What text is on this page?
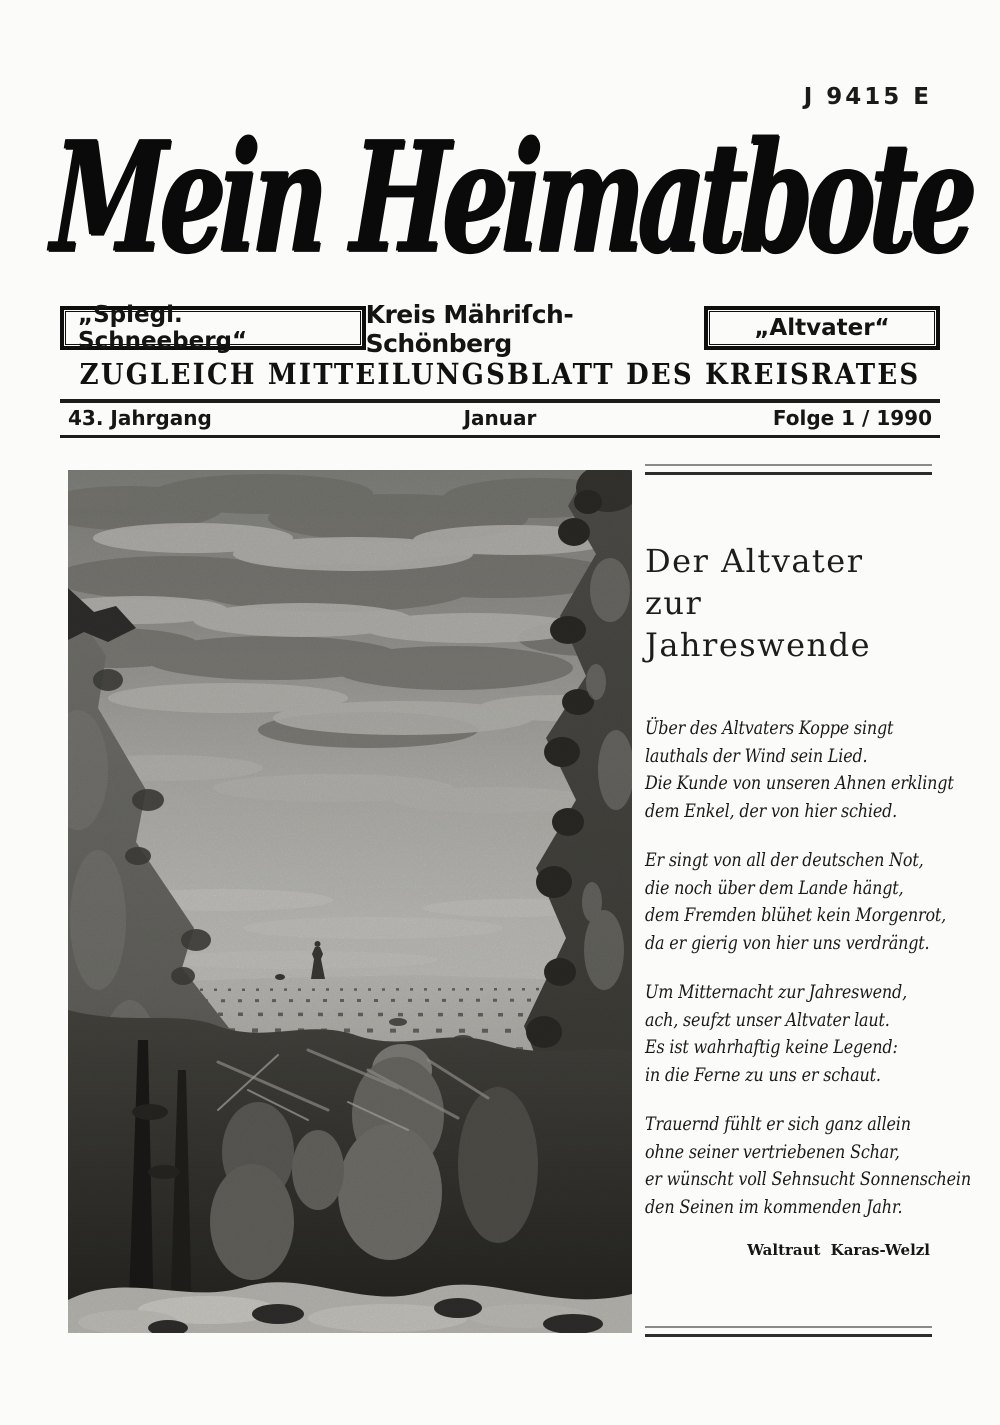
J 9415 E
Mein Heimatbote
„Spiegl. Schneeberg“
Kreis Mähriſch-Schönberg
„Altvater“
ZUGLEICH MITTEILUNGSBLATT DES KREISRATES
43. Jahrgang	Januar	Folge 1 / 1990
Der Altvater
zur
Jahreswende
Über des Altvaters Koppe singt
lauthals der Wind sein Lied.
Die Kunde von unseren Ahnen erklingt
dem Enkel, der von hier schied.
Er singt von all der deutschen Not,
die noch über dem Lande hängt,
dem Fremden blühet kein Morgenrot,
da er gierig von hier uns verdrängt.
Um Mitternacht zur Jahreswend,
ach, seufzt unser Altvater laut.
Es ist wahrhaftig keine Legend:
in die Ferne zu uns er schaut.
Trauernd fühlt er sich ganz allein
ohne seiner vertriebenen Schar,
er wünscht voll Sehnsucht Sonnenschein
den Seinen im kommenden Jahr.
Waltraut Karas-Welzl
